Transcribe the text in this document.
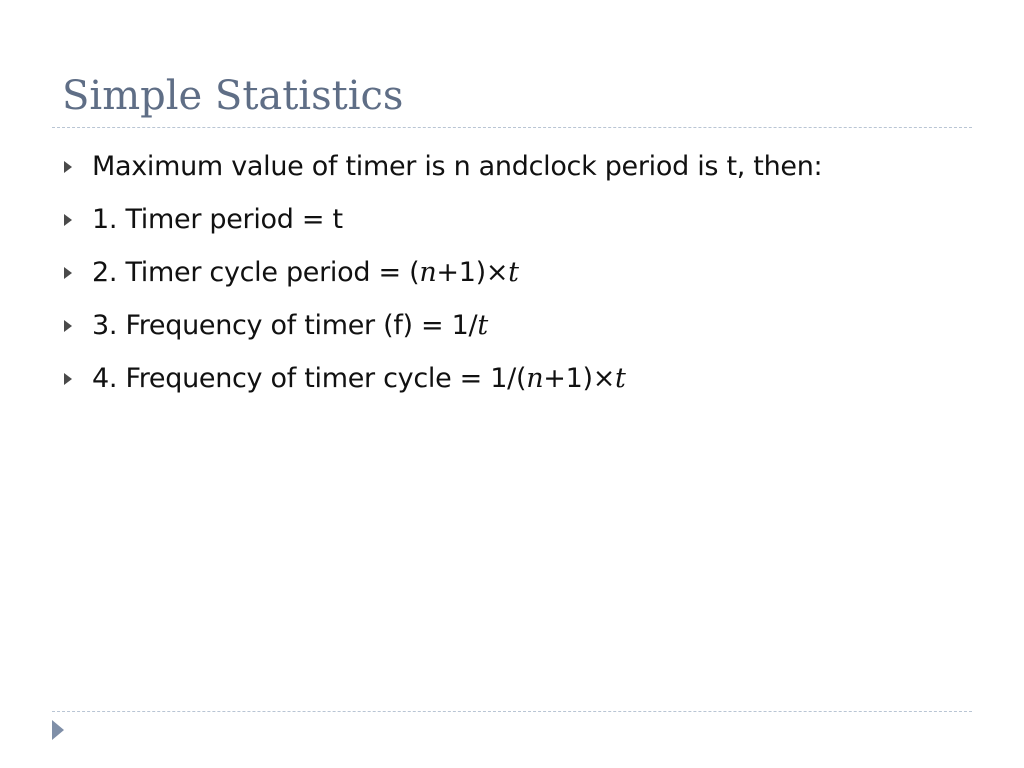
Simple Statistics
Maximum value of timer is n andclock period is t, then:
1. Timer period = t
2. Timer cycle period = (n+1)×t
3. Frequency of timer (f) = 1/t
4. Frequency of timer cycle = 1/(n+1)×t
